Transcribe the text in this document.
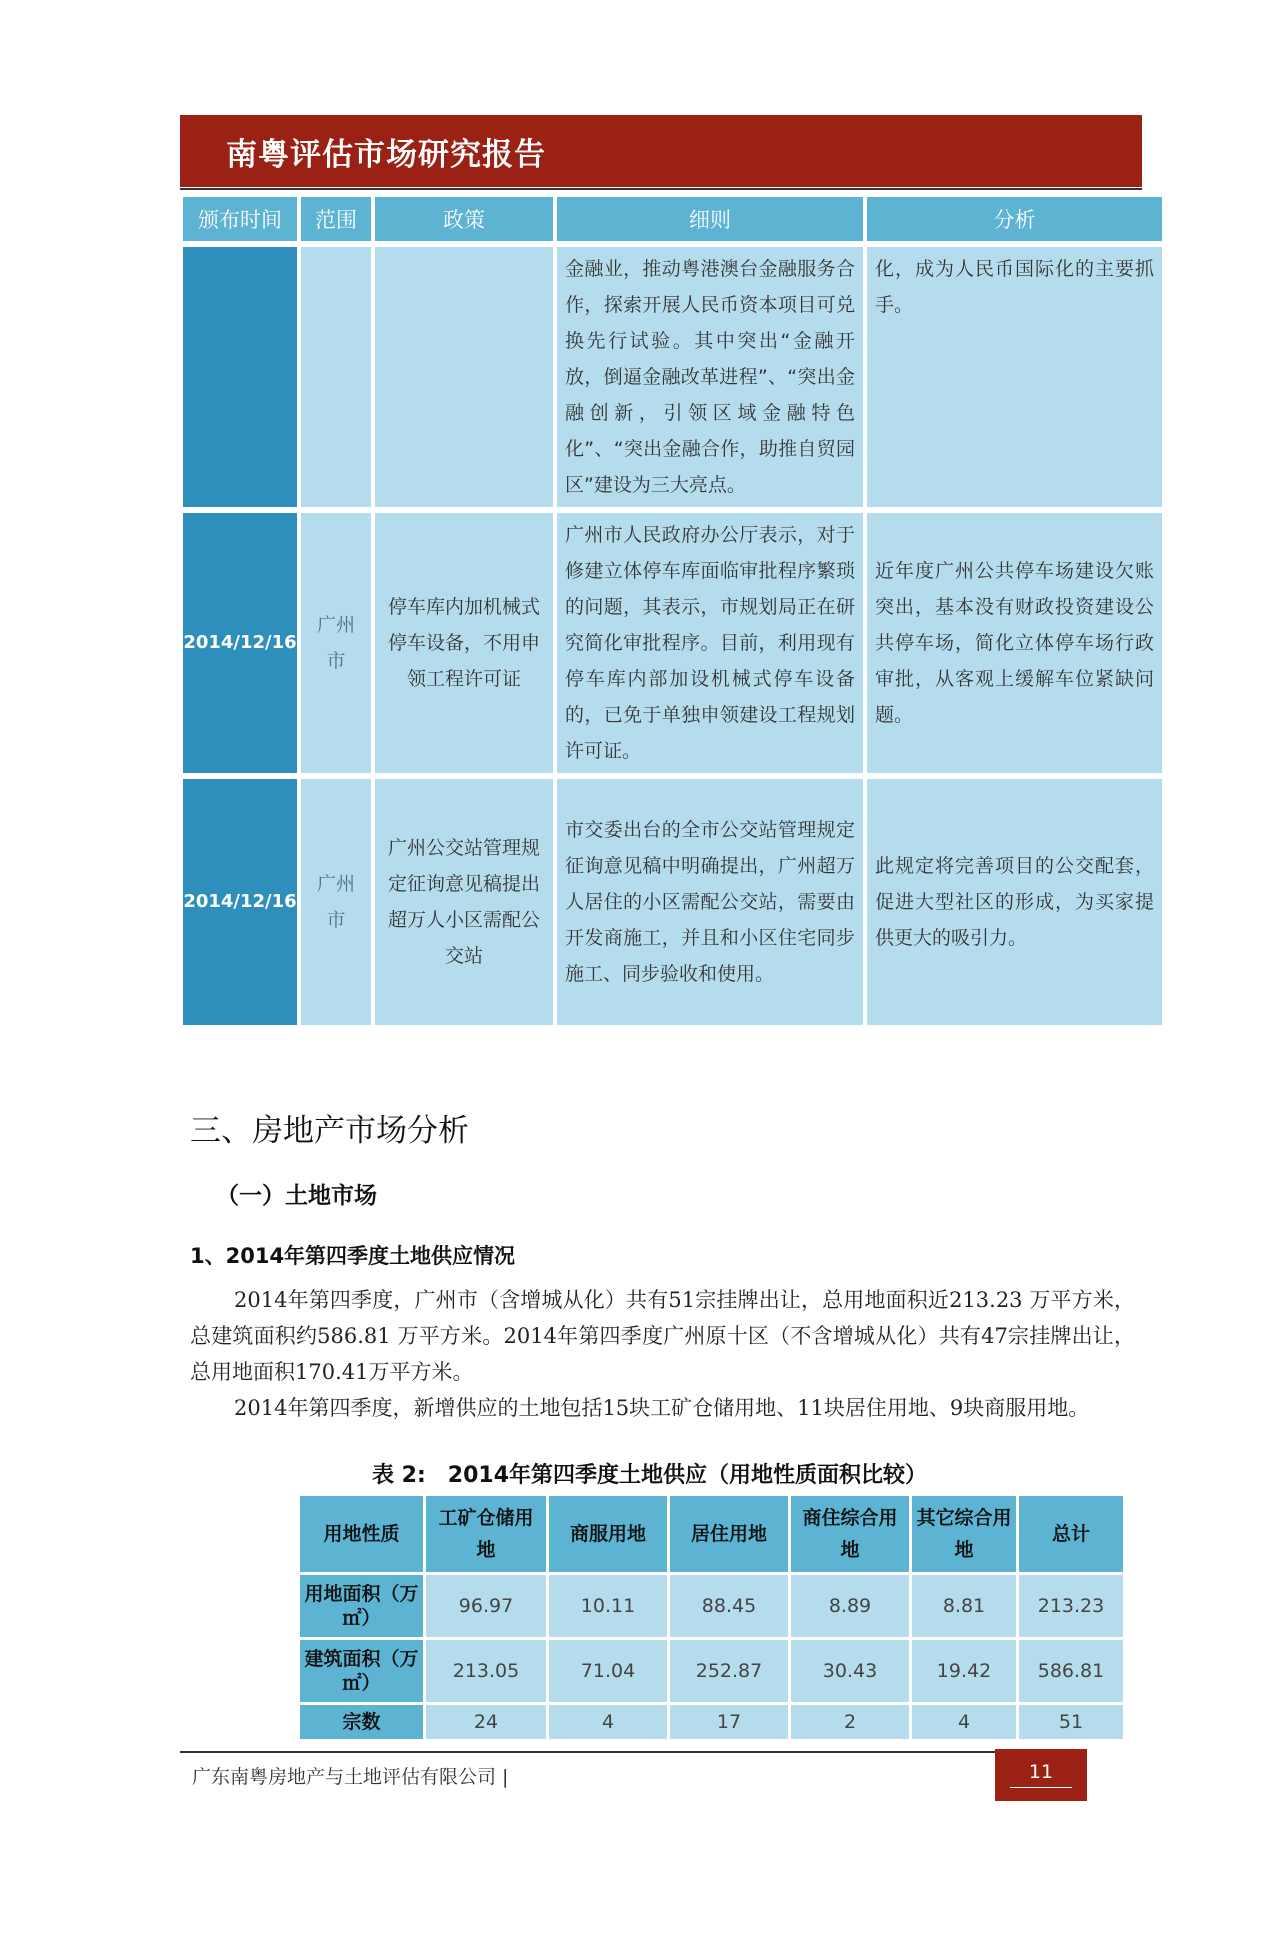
南粤评估市场研究报告
颁布时间	范围	政策	细则	分析
			金融业，推动粤港澳台金融服务合作，探索开展人民币资本项目可兑换先行试验。其中突出“金融开放，倒逼金融改革进程”、“突出金融创新，引领区域金融特色化”、“突出金融合作，助推自贸园区”建设为三大亮点。	化，成为人民币国际化的主要抓手。
2014/12/16	广州市	停车库内加机械式停车设备，不用申领工程许可证	广州市人民政府办公厅表示，对于修建立体停车库面临审批程序繁琐的问题，其表示，市规划局正在研究简化审批程序。目前，利用现有停车库内部加设机械式停车设备的，已免于单独申领建设工程规划许可证。	近年度广州公共停车场建设欠账突出，基本没有财政投资建设公共停车场，简化立体停车场行政审批，从客观上缓解车位紧缺问题。
2014/12/16	广州市	广州公交站管理规定征询意见稿提出超万人小区需配公交站	市交委出台的全市公交站管理规定征询意见稿中明确提出，广州超万人居住的小区需配公交站，需要由开发商施工，并且和小区住宅同步施工、同步验收和使用。	此规定将完善项目的公交配套，促进大型社区的形成，为买家提供更大的吸引力。
三、房地产市场分析
（一）土地市场
1、2014年第四季度土地供应情况
2014年第四季度，广州市（含增城从化）共有51宗挂牌出让，总用地面积近213.23 万平方米，总建筑面积约586.81 万平方米。2014年第四季度广州原十区（不含增城从化）共有47宗挂牌出让，总用地面积170.41万平方米。
2014年第四季度，新增供应的土地包括15块工矿仓储用地、11块居住用地、9块商服用地。
表 2:　2014年第四季度土地供应（用地性质面积比较）
用地性质	工矿仓储用地	商服用地	居住用地	商住综合用地	其它综合用地	总计
用地面积（万㎡）	96.97	10.11	88.45	8.89	8.81	213.23
建筑面积（万㎡）	213.05	71.04	252.87	30.43	19.42	586.81
宗数	24	4	17	2	4	51
广东南粤房地产与土地评估有限公司 |	11
